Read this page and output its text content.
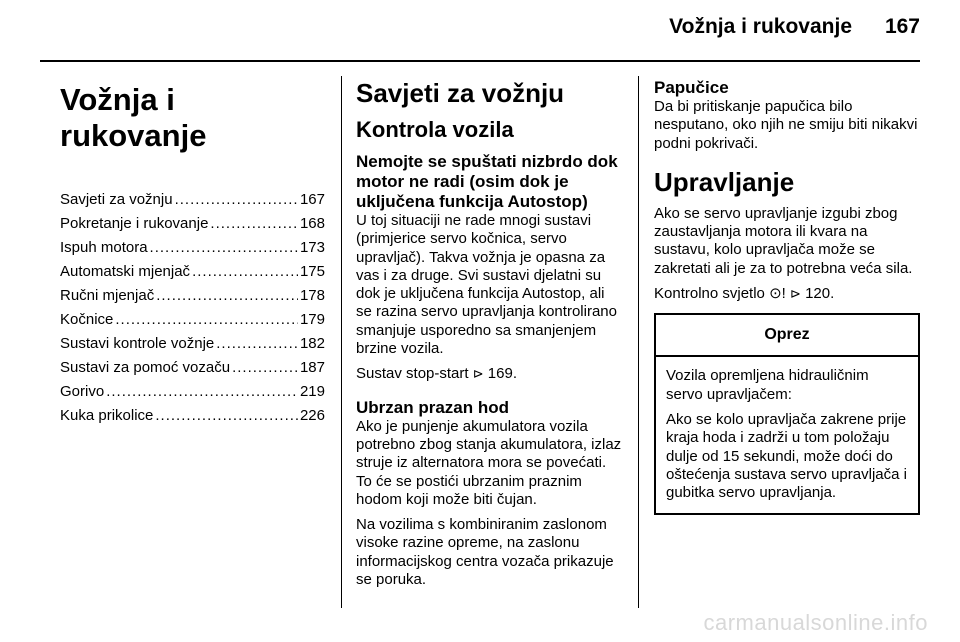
Vožnja i rukovanje 167

Vožnja i rukovanje
Savjeti za vožnju .....	167
Pokretanje i rukovanje .....	168
Ispuh motora .....	173
Automatski mjenjač .....	175
Ručni mjenjač .....	178
Kočnice .....	179
Sustavi kontrole vožnje .....	182
Sustavi za pomoć vozaču .....	187
Gorivo .....	219
Kuka prikolice .....	226
Savjeti za vožnju
Kontrola vozila
Nemojte se spuštati nizbrdo dok motor ne radi (osim dok je uključena funkcija Autostop)

U toj situaciji ne rade mnogi sustavi (primjerice servo kočnica, servo upravljač). Takva vožnja je opasna za vas i za druge. Svi sustavi djelatni su dok je uključena funkcija Autostop, ali se razina servo upravljanja kontrolirano smanjuje usporedno sa smanjenjem brzine vozila.

Sustav stop-start ⊳ 169.

Ubrzan prazan hod

Ako je punjenje akumulatora vozila potrebno zbog stanja akumulatora, izlaz struje iz alternatora mora se povećati. To će se postići ubrzanim praznim hodom koji može biti čujan.

Na vozilima s kombiniranim zaslonom visoke razine opreme, na zaslonu informacijskog centra vozača prikazuje se poruka.

Papučice

Da bi pritiskanje papučica bilo nesputano, oko njih ne smiju biti nikakvi podni pokrivači.

Upravljanje

Ako se servo upravljanje izgubi zbog zaustavljanja motora ili kvara na sustavu, kolo upravljača može se zakretati ali je za to potrebna veća sila.

Kontrolno svjetlo ⊙! ⊳ 120.

Oprez

Vozila opremljena hidrauličnim servo upravljačem:

Ako se kolo upravljača zakrene prije kraja hoda i zadrži u tom položaju dulje od 15 sekundi, može doći do oštećenja sustava servo upravljača i gubitka servo upravljanja.

carmanualsonline.info
